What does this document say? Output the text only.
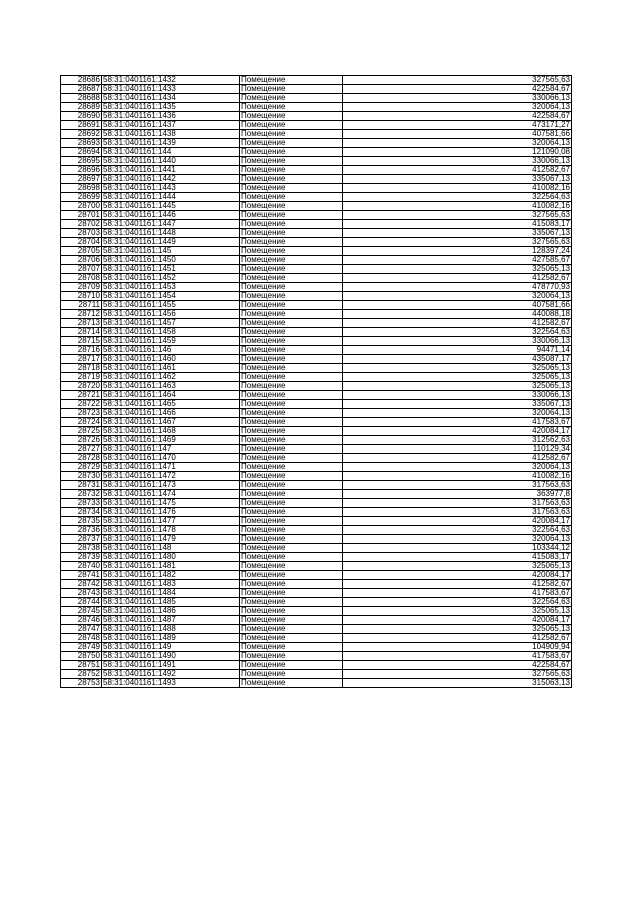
28686	58:31:0401161:1432	Помещение	327565,63
28687	58:31:0401161:1433	Помещение	422584,67
28688	58:31:0401161:1434	Помещение	330066,13
28689	58:31:0401161:1435	Помещение	320064,13
28690	58:31:0401161:1436	Помещение	422584,67
28691	58:31:0401161:1437	Помещение	473171,27
28692	58:31:0401161:1438	Помещение	407581,66
28693	58:31:0401161:1439	Помещение	320064,13
28694	58:31:0401161:144	Помещение	121090,08
28695	58:31:0401161:1440	Помещение	330066,13
28696	58:31:0401161:1441	Помещение	412582,67
28697	58:31:0401161:1442	Помещение	335067,13
28698	58:31:0401161:1443	Помещение	410082,16
28699	58:31:0401161:1444	Помещение	322564,63
28700	58:31:0401161:1445	Помещение	410082,16
28701	58:31:0401161:1446	Помещение	327565,63
28702	58:31:0401161:1447	Помещение	415083,17
28703	58:31:0401161:1448	Помещение	335067,13
28704	58:31:0401161:1449	Помещение	327565,63
28705	58:31:0401161:145	Помещение	128397,24
28706	58:31:0401161:1450	Помещение	427585,67
28707	58:31:0401161:1451	Помещение	325065,13
28708	58:31:0401161:1452	Помещение	412582,67
28709	58:31:0401161:1453	Помещение	478770,93
28710	58:31:0401161:1454	Помещение	320064,13
28711	58:31:0401161:1455	Помещение	407581,66
28712	58:31:0401161:1456	Помещение	440088,18
28713	58:31:0401161:1457	Помещение	412582,67
28714	58:31:0401161:1458	Помещение	322564,63
28715	58:31:0401161:1459	Помещение	330066,13
28716	58:31:0401161:146	Помещение	94471,14
28717	58:31:0401161:1460	Помещение	435087,17
28718	58:31:0401161:1461	Помещение	325065,13
28719	58:31:0401161:1462	Помещение	325065,13
28720	58:31:0401161:1463	Помещение	325065,13
28721	58:31:0401161:1464	Помещение	330066,13
28722	58:31:0401161:1465	Помещение	335067,13
28723	58:31:0401161:1466	Помещение	320064,13
28724	58:31:0401161:1467	Помещение	417583,67
28725	58:31:0401161:1468	Помещение	420084,17
28726	58:31:0401161:1469	Помещение	312562,63
28727	58:31:0401161:147	Помещение	110129,34
28728	58:31:0401161:1470	Помещение	412582,67
28729	58:31:0401161:1471	Помещение	320064,13
28730	58:31:0401161:1472	Помещение	410082,16
28731	58:31:0401161:1473	Помещение	317563,63
28732	58:31:0401161:1474	Помещение	363977,8
28733	58:31:0401161:1475	Помещение	317563,63
28734	58:31:0401161:1476	Помещение	317563,63
28735	58:31:0401161:1477	Помещение	420084,17
28736	58:31:0401161:1478	Помещение	322564,63
28737	58:31:0401161:1479	Помещение	320064,13
28738	58:31:0401161:148	Помещение	103344,12
28739	58:31:0401161:1480	Помещение	415083,17
28740	58:31:0401161:1481	Помещение	325065,13
28741	58:31:0401161:1482	Помещение	420084,17
28742	58:31:0401161:1483	Помещение	412582,67
28743	58:31:0401161:1484	Помещение	417583,67
28744	58:31:0401161:1485	Помещение	322564,63
28745	58:31:0401161:1486	Помещение	325065,13
28746	58:31:0401161:1487	Помещение	420084,17
28747	58:31:0401161:1488	Помещение	325065,13
28748	58:31:0401161:1489	Помещение	412582,67
28749	58:31:0401161:149	Помещение	104909,94
28750	58:31:0401161:1490	Помещение	417583,67
28751	58:31:0401161:1491	Помещение	422584,67
28752	58:31:0401161:1492	Помещение	327565,63
28753	58:31:0401161:1493	Помещение	315063,13
